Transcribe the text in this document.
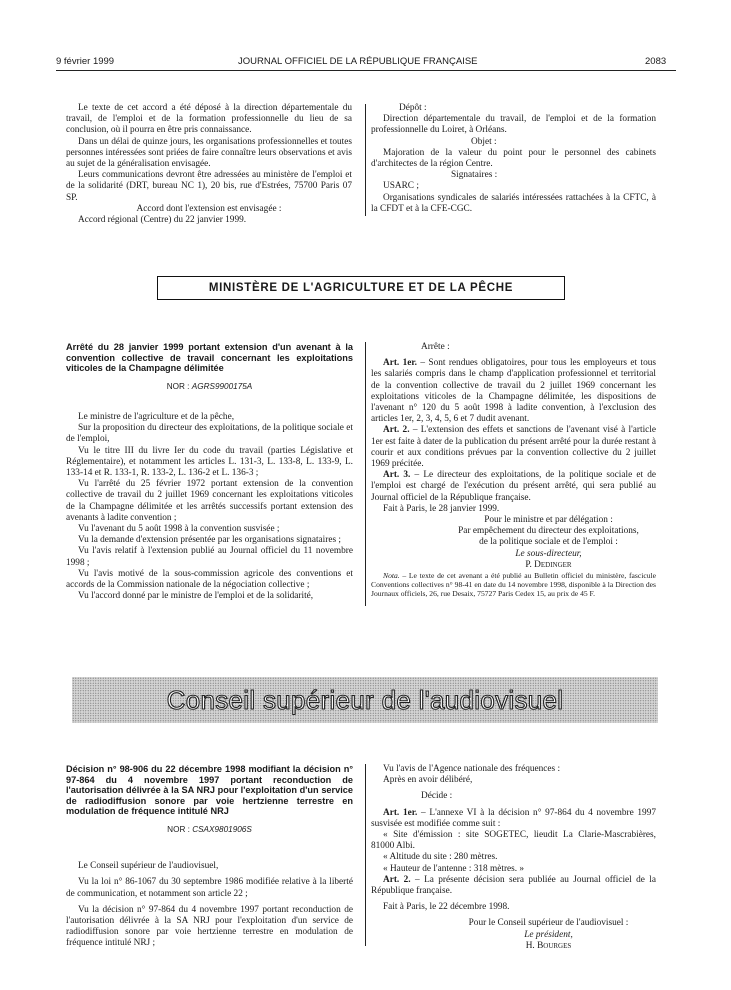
9 février 1999	JOURNAL OFFICIEL DE LA RÉPUBLIQUE FRANÇAISE	2083

Le texte de cet accord a été déposé à la direction départementale du travail, de l'emploi et de la formation professionnelle du lieu de sa conclusion, où il pourra en être pris connaissance.

Dans un délai de quinze jours, les organisations professionnelles et toutes personnes intéressées sont priées de faire connaître leurs observations et avis au sujet de la généralisation envisagée.

Leurs communications devront être adressées au ministère de l'emploi et de la solidarité (DRT, bureau NC 1), 20 bis, rue d'Estrées, 75700 Paris 07 SP.

Accord dont l'extension est envisagée :

Accord régional (Centre) du 22 janvier 1999.

Dépôt :

Direction départementale du travail, de l'emploi et de la formation professionnelle du Loiret, à Orléans.

Objet :

Majoration de la valeur du point pour le personnel des cabinets d'architectes de la région Centre.

Signataires :

USARC ;

Organisations syndicales de salariés intéressées rattachées à la CFTC, à la CFDT et à la CFE-CGC.

MINISTÈRE DE L'AGRICULTURE ET DE LA PÊCHE

Arrêté du 28 janvier 1999 portant extension d'un avenant à la convention collective de travail concernant les exploitations viticoles de la Champagne délimitée

NOR : AGRS9900175A

Le ministre de l'agriculture et de la pêche,

Sur la proposition du directeur des exploitations, de la politique sociale et de l'emploi,

Vu le titre III du livre Ier du code du travail (parties Législative et Réglementaire), et notamment les articles L. 131-3, L. 133-8, L. 133-9, L. 133-14 et R. 133-1, R. 133-2, L. 136-2 et L. 136-3 ;

Vu l'arrêté du 25 février 1972 portant extension de la convention collective de travail du 2 juillet 1969 concernant les exploitations viticoles de la Champagne délimitée et les arrêtés successifs portant extension des avenants à ladite convention ;

Vu l'avenant du 5 août 1998 à la convention susvisée ;

Vu la demande d'extension présentée par les organisations signataires ;

Vu l'avis relatif à l'extension publié au Journal officiel du 11 novembre 1998 ;

Vu l'avis motivé de la sous-commission agricole des conventions et accords de la Commission nationale de la négociation collective ;

Vu l'accord donné par le ministre de l'emploi et de la solidarité,

Arrête :

Art. 1er. – Sont rendues obligatoires, pour tous les employeurs et tous les salariés compris dans le champ d'application professionnel et territorial de la convention collective de travail du 2 juillet 1969 concernant les exploitations viticoles de la Champagne délimitée, les dispositions de l'avenant n° 120 du 5 août 1998 à ladite convention, à l'exclusion des articles 1er, 2, 3, 4, 5, 6 et 7 dudit avenant.

Art. 2. – L'extension des effets et sanctions de l'avenant visé à l'article 1er est faite à dater de la publication du présent arrêté pour la durée restant à courir et aux conditions prévues par la convention collective du 2 juillet 1969 précitée.

Art. 3. – Le directeur des exploitations, de la politique sociale et de l'emploi est chargé de l'exécution du présent arrêté, qui sera publié au Journal officiel de la République française.

Fait à Paris, le 28 janvier 1999.

Pour le ministre et par délégation :

Par empêchement du directeur des exploitations,

de la politique sociale et de l'emploi :

Le sous-directeur,

P. Dedinger

Nota. – Le texte de cet avenant a été publié au Bulletin officiel du ministère, fascicule Conventions collectives n° 98-41 en date du 14 novembre 1998, disponible à la Direction des Journaux officiels, 26, rue Desaix, 75727 Paris Cedex 15, au prix de 45 F.

Conseil supérieur de l'audiovisuel

Décision n° 98-906 du 22 décembre 1998 modifiant la décision n° 97-864 du 4 novembre 1997 portant reconduction de l'autorisation délivrée à la SA NRJ pour l'exploitation d'un service de radiodiffusion sonore par voie hertzienne terrestre en modulation de fréquence intitulé NRJ

NOR : CSAX9801906S

Le Conseil supérieur de l'audiovisuel,

Vu la loi n° 86-1067 du 30 septembre 1986 modifiée relative à la liberté de communication, et notamment son article 22 ;

Vu la décision n° 97-864 du 4 novembre 1997 portant reconduction de l'autorisation délivrée à la SA NRJ pour l'exploitation d'un service de radiodiffusion sonore par voie hertzienne terrestre en modulation de fréquence intitulé NRJ ;

Vu l'avis de l'Agence nationale des fréquences :

Après en avoir délibéré,

Décide :

Art. 1er. – L'annexe VI à la décision n° 97-864 du 4 novembre 1997 susvisée est modifiée comme suit :

« Site d'émission : site SOGETEC, lieudit La Clarie-Mascrabières, 81000 Albi.

« Altitude du site : 280 mètres.

« Hauteur de l'antenne : 318 mètres. »

Art. 2. – La présente décision sera publiée au Journal officiel de la République française.

Fait à Paris, le 22 décembre 1998.

Pour le Conseil supérieur de l'audiovisuel :

Le président,

H. Bourges
